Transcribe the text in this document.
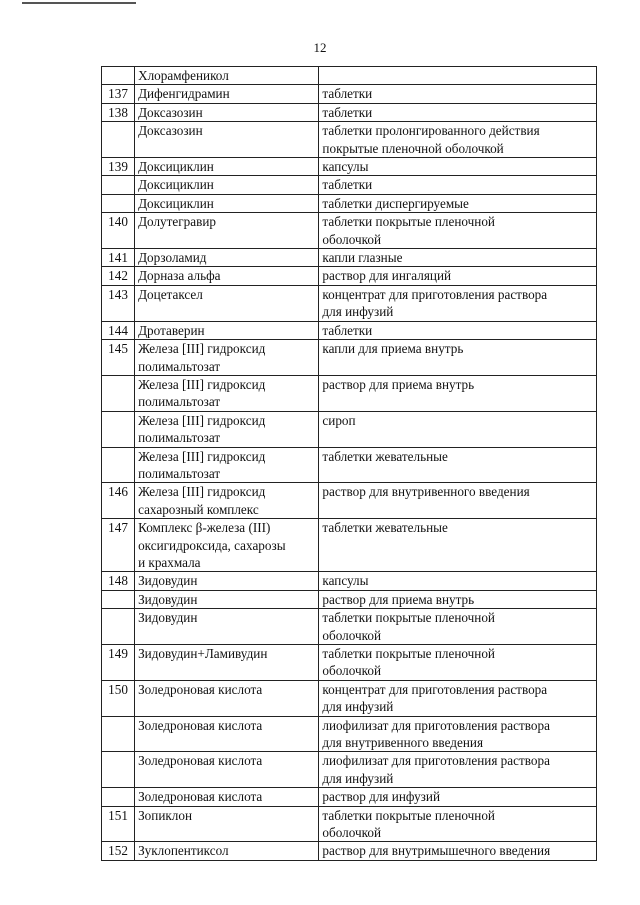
12

	Хлорамфеникол	

137	Дифенгидрамин	таблетки

138	Доксазозин	таблетки

	Доксазозин	таблетки пролонгированного действия
покрытые пленочной оболочкой

139	Доксициклин	капсулы

	Доксициклин	таблетки

	Доксициклин	таблетки диспергируемые

140	Долутегравир	таблетки покрытые пленочной
оболочкой

141	Дорзоламид	капли глазные

142	Дорназа альфа	раствор для ингаляций

143	Доцетаксел	концентрат для приготовления раствора
для инфузий

144	Дротаверин	таблетки

145	Железа [III] гидроксид
полимальтозат	капли для приема внутрь

	Железа [III] гидроксид
полимальтозат	раствор для приема внутрь

	Железа [III] гидроксид
полимальтозат	сироп

	Железа [III] гидроксид
полимальтозат	таблетки жевательные

146	Железа [III] гидроксид
сахарозный комплекс	раствор для внутривенного введения

147	Комплекс β-железа (III)
оксигидроксида, сахарозы
и крахмала	таблетки жевательные

148	Зидовудин	капсулы

	Зидовудин	раствор для приема внутрь

	Зидовудин	таблетки покрытые пленочной
оболочкой

149	Зидовудин+Ламивудин	таблетки покрытые пленочной
оболочкой

150	Золедроновая кислота	концентрат для приготовления раствора
для инфузий

	Золедроновая кислота	лиофилизат для приготовления раствора
для внутривенного введения

	Золедроновая кислота	лиофилизат для приготовления раствора
для инфузий

	Золедроновая кислота	раствор для инфузий

151	Зопиклон	таблетки покрытые пленочной
оболочкой

152	Зуклопентиксол	раствор для внутримышечного введения
